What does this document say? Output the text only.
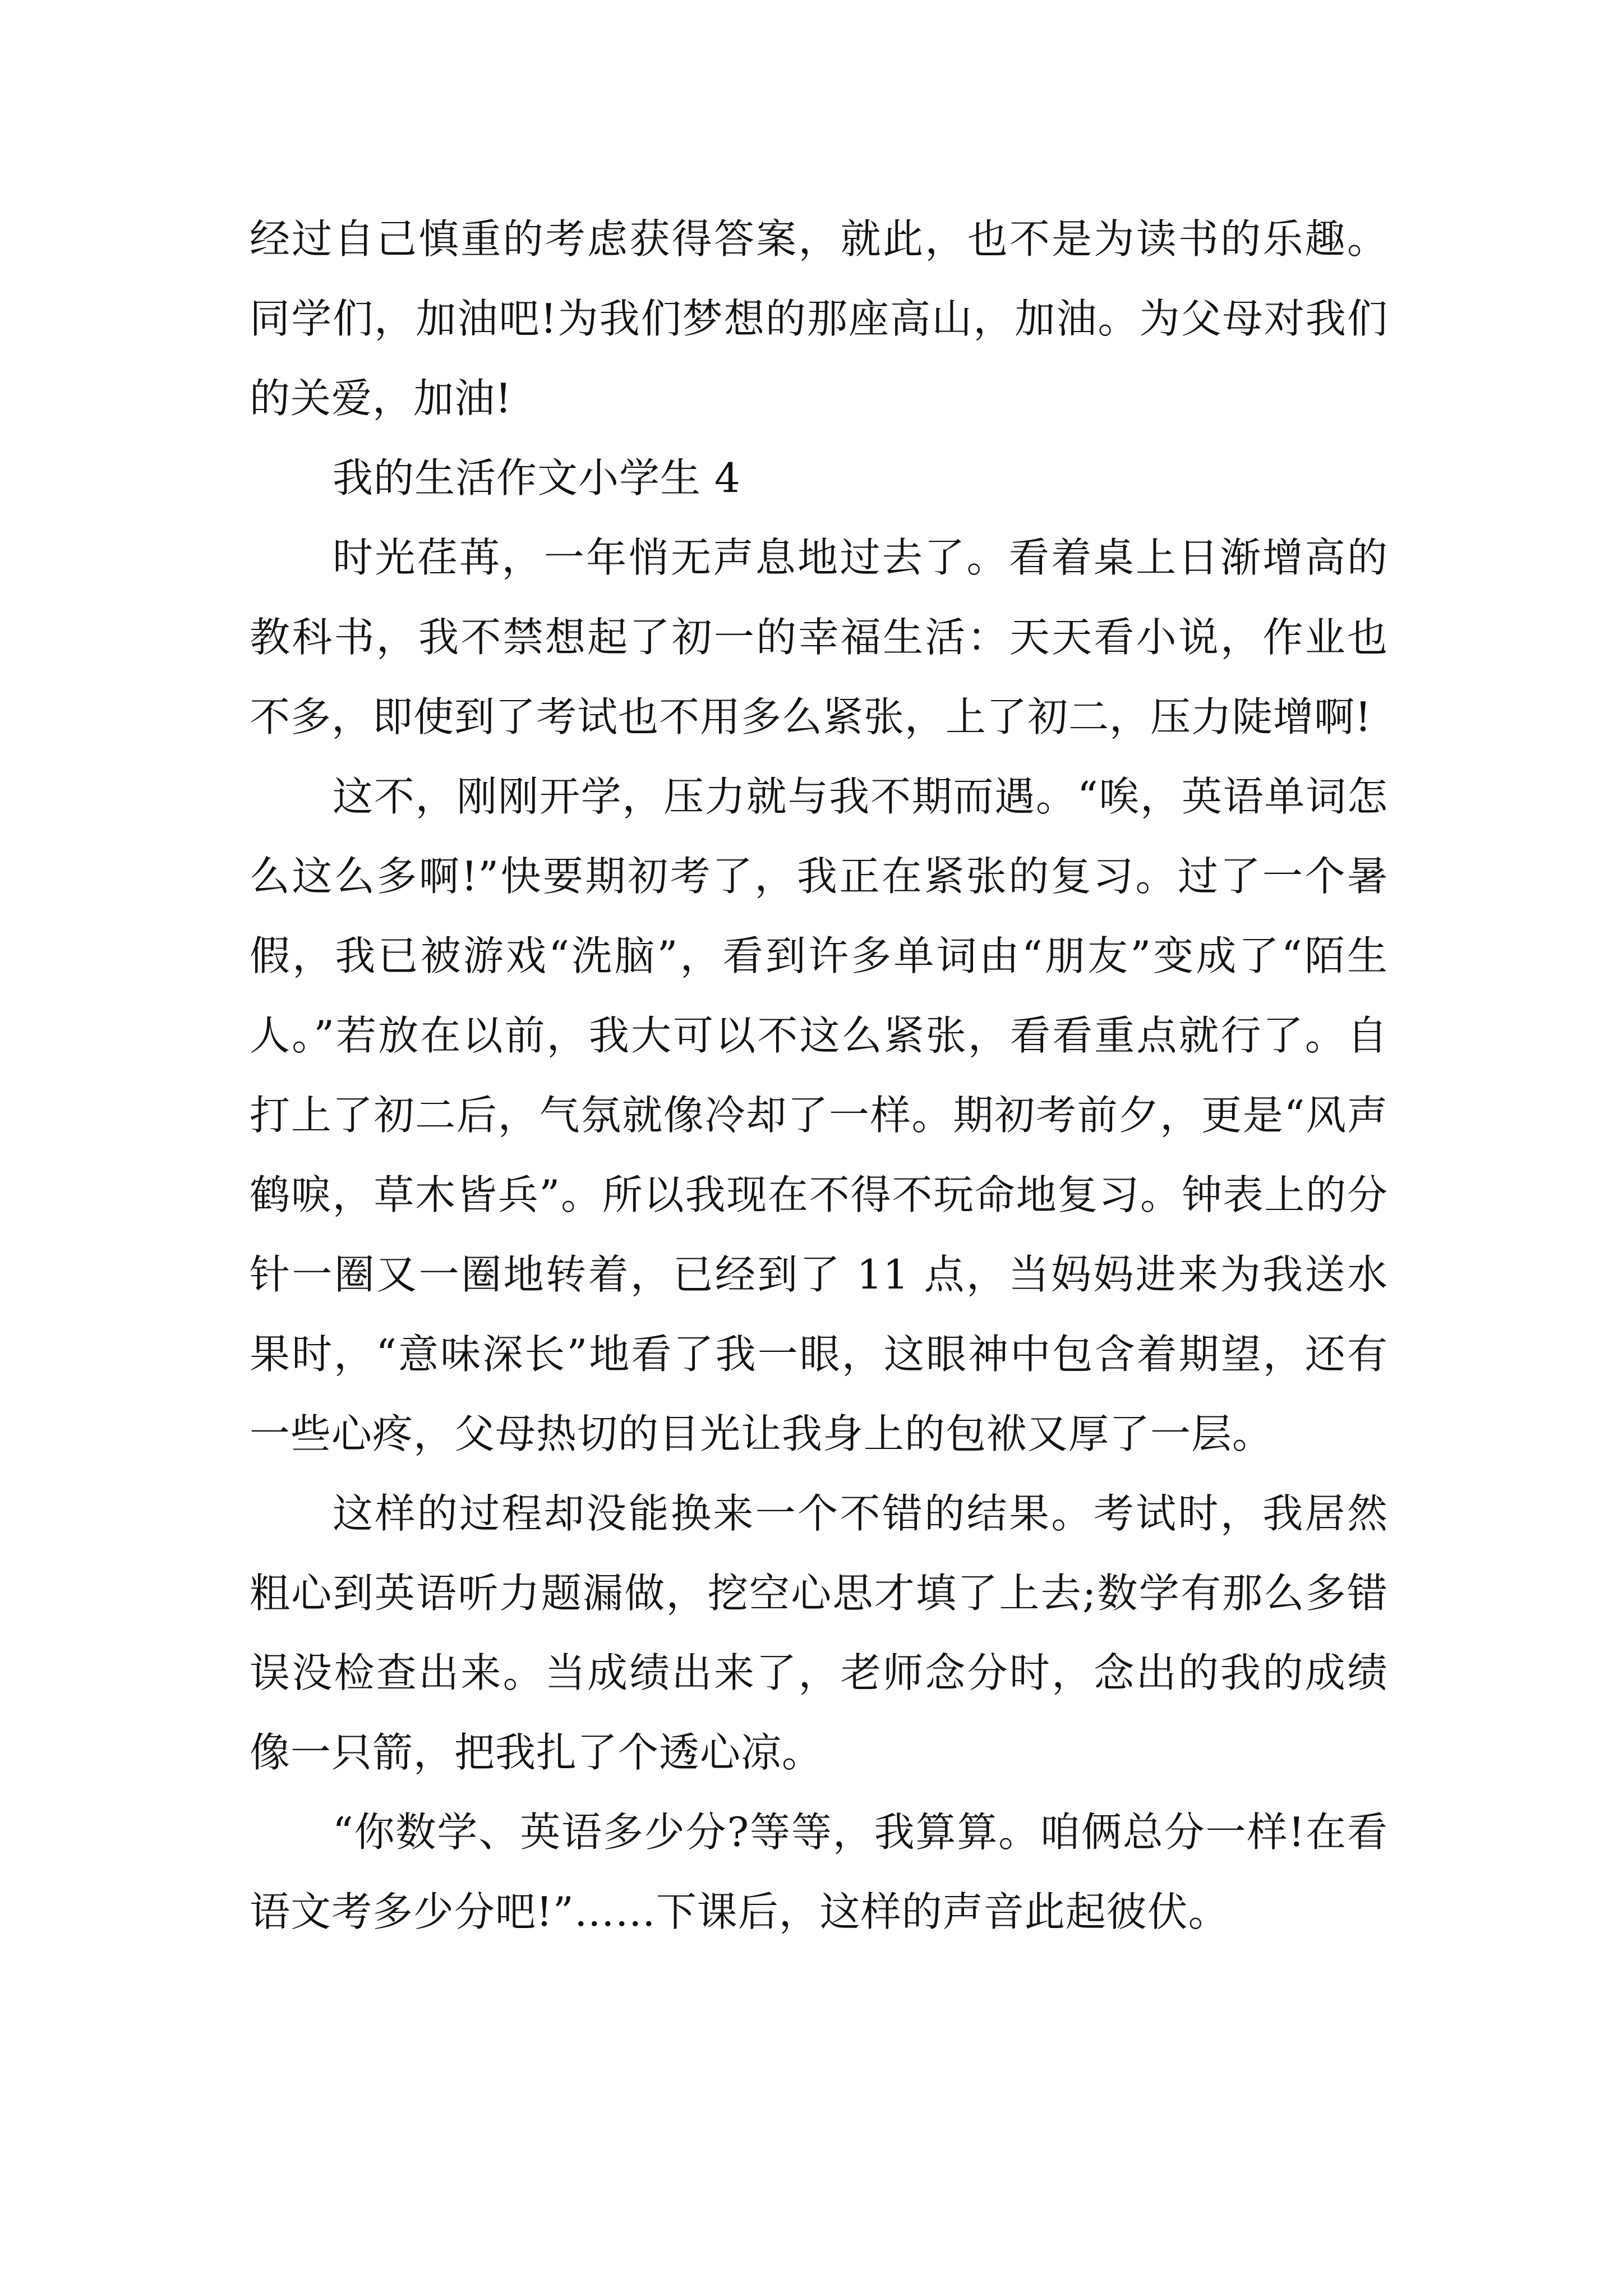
经过自己慎重的考虑获得答案，就此，也不是为读书的乐趣。同学们，加油吧!为我们梦想的那座高山，加油。为父母对我们的关爱，加油!

我的生活作文小学生 4

时光荏苒，一年悄无声息地过去了。看着桌上日渐增高的教科书，我不禁想起了初一的幸福生活：天天看小说，作业也不多，即使到了考试也不用多么紧张，上了初二，压力陡增啊!

这不，刚刚开学，压力就与我不期而遇。“唉，英语单词怎么这么多啊!”快要期初考了，我正在紧张的复习。过了一个暑假，我已被游戏“洗脑”，看到许多单词由“朋友”变成了“陌生人。”若放在以前，我大可以不这么紧张，看看重点就行了。自打上了初二后，气氛就像冷却了一样。期初考前夕，更是“风声鹤唳，草木皆兵”。所以我现在不得不玩命地复习。钟表上的分针一圈又一圈地转着，已经到了 11 点，当妈妈进来为我送水果时，“意味深长”地看了我一眼，这眼神中包含着期望，还有一些心疼，父母热切的目光让我身上的包袱又厚了一层。

这样的过程却没能换来一个不错的结果。考试时，我居然粗心到英语听力题漏做，挖空心思才填了上去;数学有那么多错误没检查出来。当成绩出来了，老师念分时，念出的我的成绩像一只箭，把我扎了个透心凉。

“你数学、英语多少分?等等，我算算。咱俩总分一样!在看语文考多少分吧!”……下课后，这样的声音此起彼伏。
